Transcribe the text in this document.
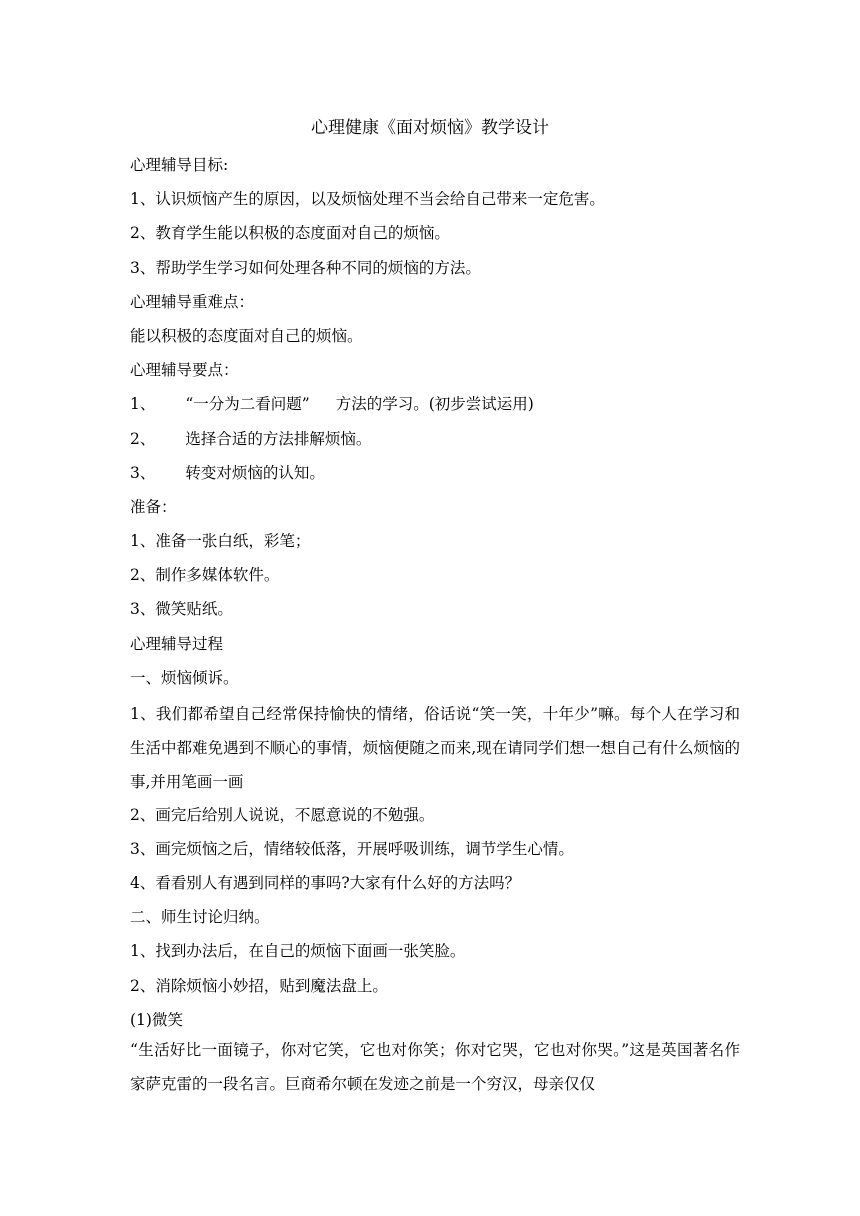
心理健康《面对烦恼》教学设计
心理辅导目标:
1、认识烦恼产生的原因，以及烦恼处理不当会给自己带来一定危害。
2、教育学生能以积极的态度面对自己的烦恼。
3、帮助学生学习如何处理各种不同的烦恼的方法。
心理辅导重难点：
能以积极的态度面对自己的烦恼。
心理辅导要点：
1、 “一分为二看问题” 方法的学习。(初步尝试运用)
2、 选择合适的方法排解烦恼。
3、 转变对烦恼的认知。
准备：
1、准备一张白纸，彩笔；
2、制作多媒体软件。
3、微笑贴纸。
心理辅导过程
一、烦恼倾诉。
1、我们都希望自己经常保持愉快的情绪，俗话说“笑一笑，十年少”嘛。每个人在学习和生活中都难免遇到不顺心的事情，烦恼便随之而来,现在请同学们想一想自己有什么烦恼的事,并用笔画一画
2、画完后给别人说说，不愿意说的不勉强。
3、画完烦恼之后，情绪较低落，开展呼吸训练，调节学生心情。
4、看看别人有遇到同样的事吗?大家有什么好的方法吗？
二、师生讨论归纳。
1、找到办法后，在自己的烦恼下面画一张笑脸。
2、消除烦恼小妙招，贴到魔法盘上。
(1)微笑
“生活好比一面镜子，你对它笑，它也对你笑；你对它哭，它也对你哭。”这是英国著名作家萨克雷的一段名言。巨商希尔顿在发迹之前是一个穷汉，母亲仅仅
